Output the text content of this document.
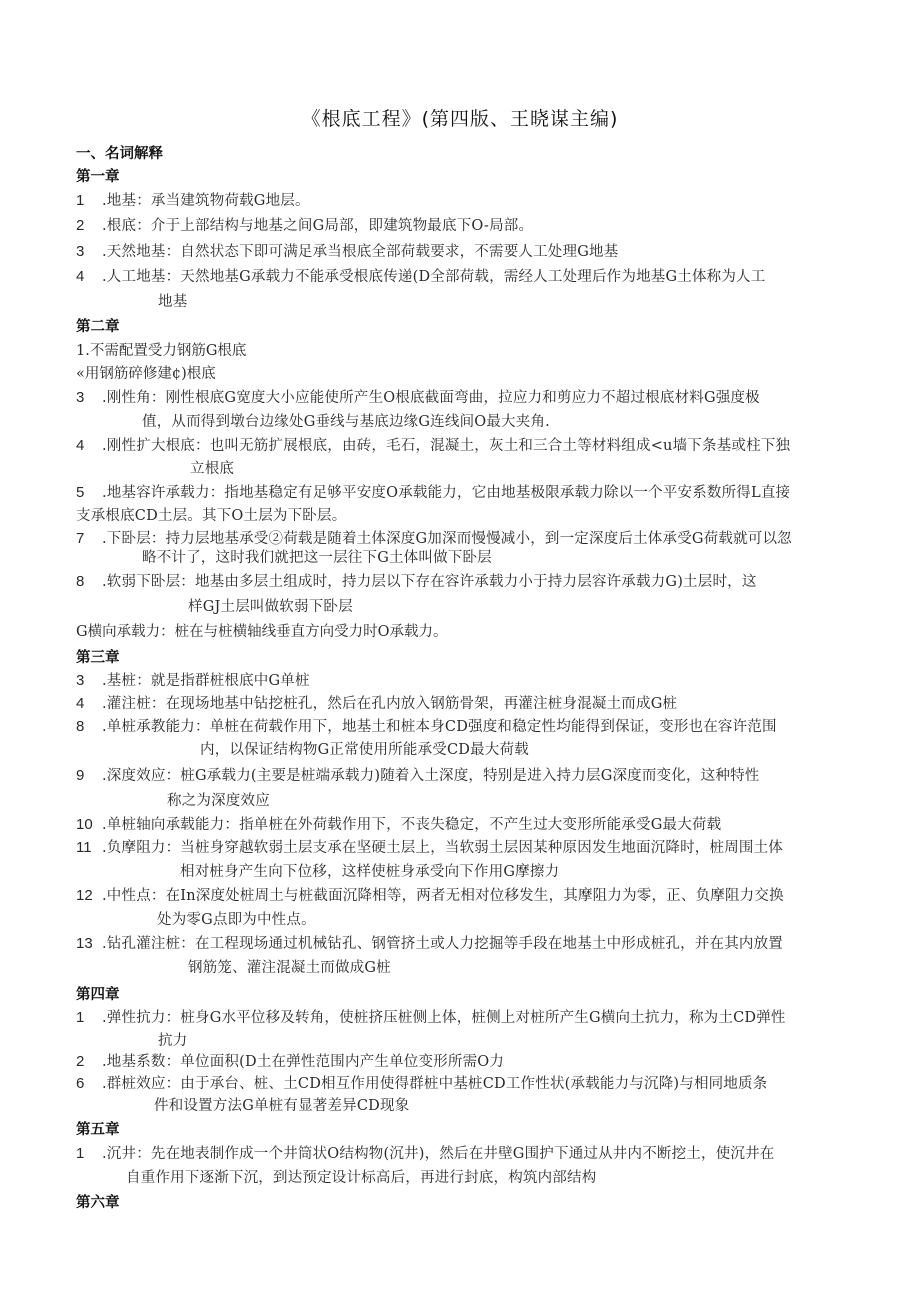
《根底工程》(第四版、王晓谋主编)
一、名词解释
第一章
1 .地基：承当建筑物荷载G地层。
2 .根底：介于上部结构与地基之间G局部，即建筑物最底下O-局部。
3 .天然地基：自然状态下即可满足承当根底全部荷载要求，不需要人工处理G地基
4 .人工地基：天然地基G承载力不能承受根底传递(D全部荷载，需经人工处理后作为地基G土体称为人工
地基
第二章
1.不需配置受力钢筋G根底
«用钢筋碎修建¢)根底
3 .刚性角：刚性根底G宽度大小应能使所产生O根底截面弯曲，拉应力和剪应力不超过根底材料G强度极
值，从而得到墩台边缘处G垂线与基底边缘G连线间O最大夹角.
4 .刚性扩大根底：也叫无筋扩展根底，由砖，毛石，混凝土，灰土和三合土等材料组成<u墙下条基或柱下独
立根底
5 .地基容许承载力：指地基稳定有足够平安度O承载能力，它由地基极限承载力除以一个平安系数所得L直接
支承根底CD土层。其下O土层为下卧层。
7 .下卧层：持力层地基承受②荷载是随着土体深度G加深而慢慢减小，到一定深度后土体承受G荷载就可以忽
略不计了，这时我们就把这一层往下G土体叫做下卧层
8 .软弱下卧层：地基由多层土组成时，持力层以下存在容许承载力小于持力层容许承载力G)土层时，这
样GJ土层叫做软弱下卧层
G横向承载力：桩在与桩横轴线垂直方向受力时O承载力。
第三章
3 .基桩：就是指群桩根底中G单桩
4 .灌注桩：在现场地基中钻挖桩孔，然后在孔内放入钢筋骨架，再灌注桩身混凝土而成G桩
8 .单桩承教能力：单桩在荷载作用下，地基土和桩本身CD强度和稳定性均能得到保证，变形也在容许范围
内，以保证结构物G正常使用所能承受CD最大荷载
9 .深度效应：桩G承载力(主要是桩端承载力)随着入土深度，特别是进入持力层G深度而变化，这种特性
称之为深度效应
10 .单桩轴向承载能力：指单桩在外荷载作用下，不丧失稳定，不产生过大变形所能承受G最大荷载
11 .负摩阻力：当桩身穿越软弱土层支承在坚硬土层上，当软弱土层因某种原因发生地面沉降时，桩周围土体
相对桩身产生向下位移，这样使桩身承受向下作用G摩擦力
12 .中性点：在In深度处桩周土与桩截面沉降相等，两者无相对位移发生，其摩阻力为零，正、负摩阻力交换
处为零G点即为中性点。
13 .钻孔灌注桩：在工程现场通过机械钻孔、钢管挤土或人力挖掘等手段在地基土中形成桩孔，并在其内放置
钢筋笼、灌注混凝土而做成G桩
第四章
1 .弹性抗力：桩身G水平位移及转角，使桩挤压桩侧上体，桩侧上对桩所产生G横向土抗力，称为土CD弹性
抗力
2 .地基系数：单位面积(D土在弹性范围内产生单位变形所需O力
6 .群桩效应：由于承台、桩、土CD相互作用使得群桩中基桩CD工作性状(承载能力与沉降)与相同地质条
件和设置方法G单桩有显著差异CD现象
第五章
1 .沉井：先在地表制作成一个井筒状O结构物(沉井)，然后在井壁G围护下通过从井内不断挖土，使沉井在
自重作用下逐渐下沉，到达预定设计标高后，再进行封底，构筑内部结构
第六章
